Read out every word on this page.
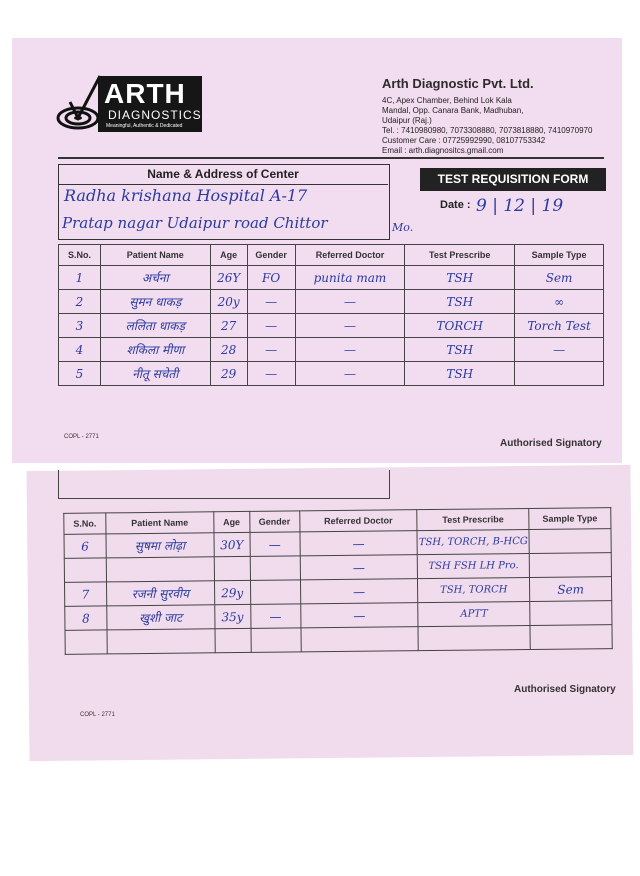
ARTH
DIAGNOSTICS
Meaningful, Authentic & Dedicated
Arth Diagnostic Pvt. Ltd.
4C, Apex Chamber, Behind Lok Kala
Mandal, Opp. Canara Bank, Madhuban,
Udaipur (Raj.)
Tel. : 7410980980, 7073308880, 7073818880, 7410970970
Customer Care : 07725992990, 08107753342
Email : arth.diagnositcs.gmail.com
Name & Address of Center
Radha krishana Hospital A-17
Pratap nagar Udaipur road Chittor	Mo.
TEST REQUISITION FORM
Date : 9 | 12 | 19
S.No.	Patient Name	Age	Gender	Referred Doctor	Test Prescribe	Sample Type
1	अर्चना	26Y	FO	punita mam	TSH	Sem
2	सुमन धाकड़	20y	—	—	TSH	∞
3	ललिता धाकड़	27	—	—	TORCH	Torch Test
4	शकिला मीणा	28	—	—	TSH	—
5	नीतू सचेती	29	—	—	TSH	
COPL - 2771
Authorised Signatory
S.No.	Patient Name	Age	Gender	Referred Doctor	Test Prescribe	Sample Type
6	सुषमा लोढ़ा	30Y	—	—	TSH, TORCH, B-HCG	
				—	TSH FSH LH Pro.	
7	रजनी सुरवीय	29y		—	TSH, TORCH	Sem
8	खुशी जाट	35y	—	—	APTT	

Authorised Signatory
COPL - 2771
